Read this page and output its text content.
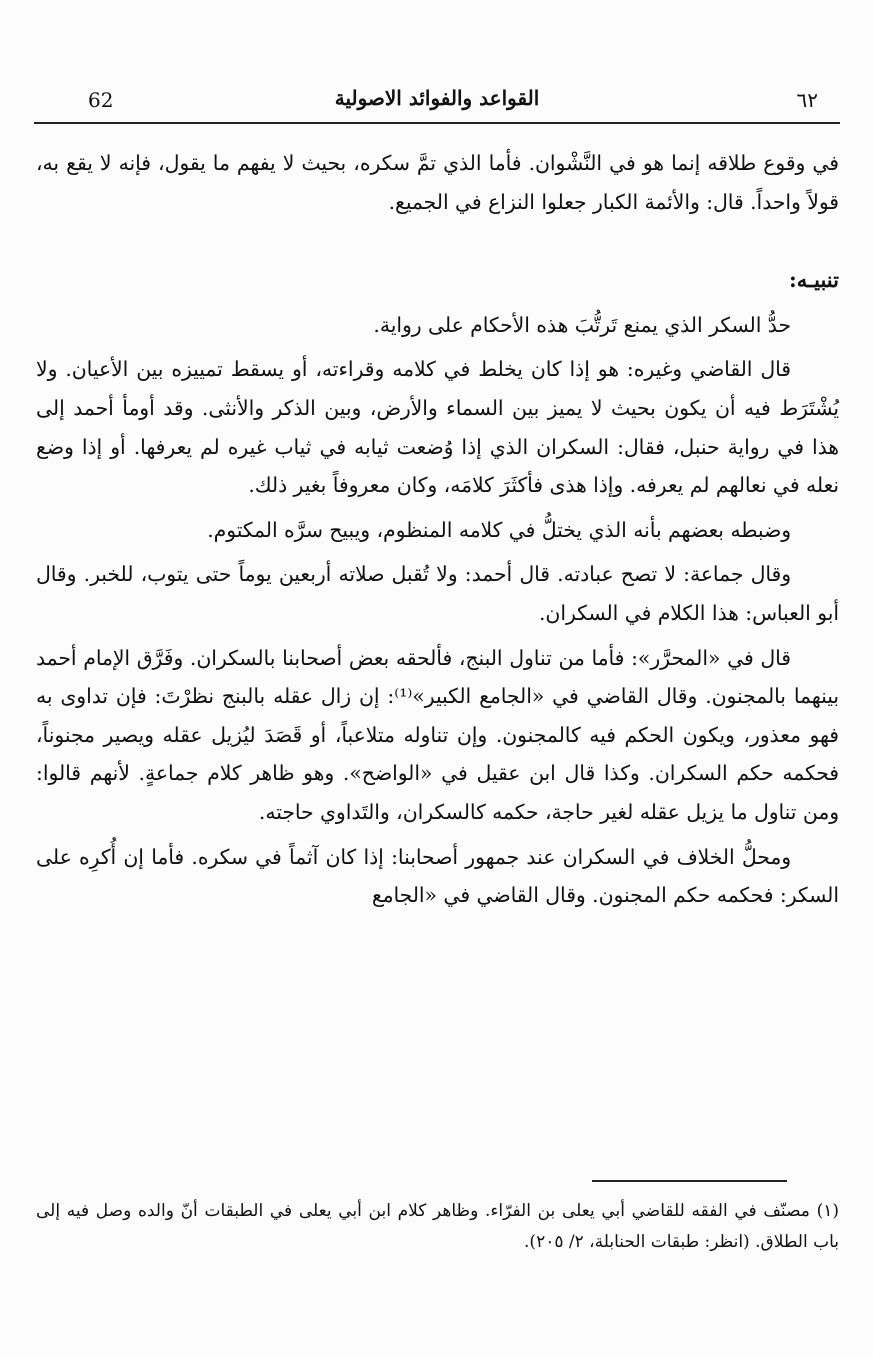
٦٢
القواعد والفوائد الاصولية
62

في وقوع طلاقه إنما هو في النَّشْوان. فأما الذي تمَّ سكره، بحيث لا يفهم ما يقول، فإنه لا يقع به، قولاً واحداً. قال: والأئمة الكبار جعلوا النزاع في الجميع.

تنبيـه:

حدُّ السكر الذي يمنع تَرتُّبَ هذه الأحكام على رواية.

قال القاضي وغيره: هو إذا كان يخلط في كلامه وقراءته، أو يسقط تمييزه بين الأعيان. ولا يُشْتَرَط فيه أن يكون بحيث لا يميز بين السماء والأرض، وبين الذكر والأنثى. وقد أومأ أحمد إلى هذا في رواية حنبل، فقال: السكران الذي إذا وُضعت ثيابه في ثياب غيره لم يعرفها. أو إذا وضع نعله في نعالهم لم يعرفه. وإذا هذى فأكثَرَ كلامَه، وكان معروفاً بغير ذلك.

وضبطه بعضهم بأنه الذي يختلُّ في كلامه المنظوم، ويبيح سرَّه المكتوم.

وقال جماعة: لا تصح عبادته. قال أحمد: ولا تُقبل صلاته أربعين يوماً حتى يتوب، للخبر. وقال أبو العباس: هذا الكلام في السكران.

قال في «المحرَّر»: فأما من تناول البنج، فألحقه بعض أصحابنا بالسكران. وفَرَّق الإمام أحمد بينهما بالمجنون. وقال القاضي في «الجامع الكبير»⁽¹⁾: إن زال عقله بالبنج نظرْتَ: فإن تداوى به فهو معذور، ويكون الحكم فيه كالمجنون. وإن تناوله متلاعباً، أو قَصَدَ ليُزيل عقله ويصير مجنوناً، فحكمه حكم السكران. وكذا قال ابن عقيل في «الواضح». وهو ظاهر كلام جماعةٍ. لأنهم قالوا: ومن تناول ما يزيل عقله لغير حاجة، حكمه كالسكران، والتَداوي حاجته.

ومحلُّ الخلاف في السكران عند جمهور أصحابنا: إذا كان آثماً في سكره. فأما إن أُكرِه على السكر: فحكمه حكم المجنون. وقال القاضي في «الجامع

(١) مصنّف في الفقه للقاضي أبي يعلى بن الفرّاء. وظاهر كلام ابن أبي يعلى في الطبقات أنّ والده وصل فيه إلى باب الطلاق. (انظر: طبقات الحنابلة، ٢/ ٢٠٥).
